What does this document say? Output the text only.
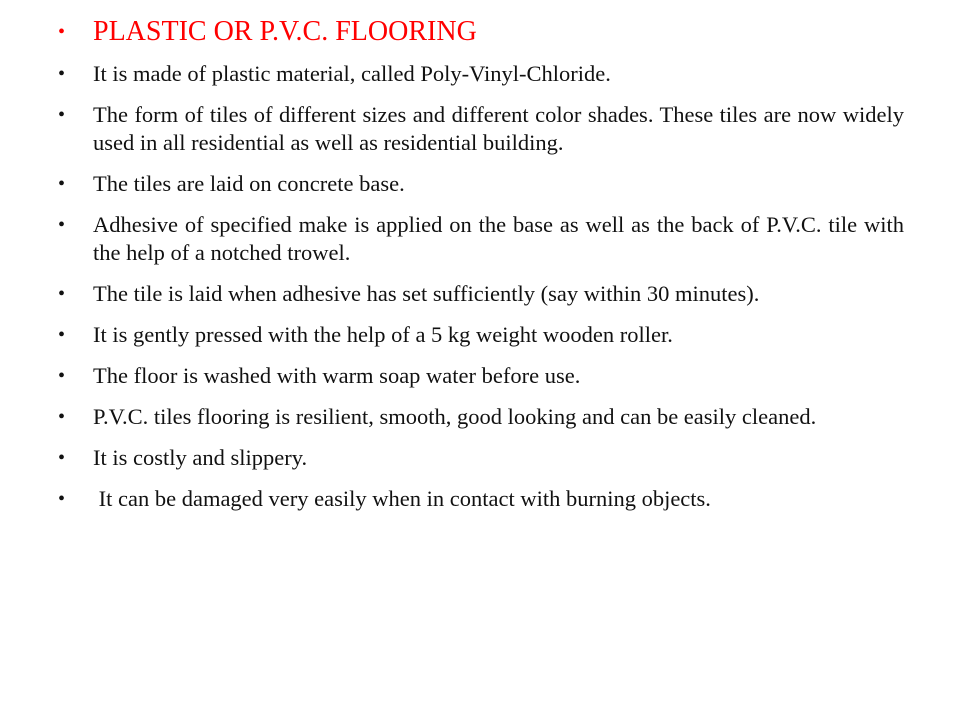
• PLASTIC OR P.V.C. FLOORING
• It is made of plastic material, called Poly-Vinyl-Chloride.
• The form of tiles of different sizes and different color shades. These tiles are now widely used in all residential as well as residential building.
• The tiles are laid on concrete base.
• Adhesive of specified make is applied on the base as well as the back of P.V.C. tile with the help of a notched trowel.
• The tile is laid when adhesive has set sufficiently (say within 30 minutes).
• It is gently pressed with the help of a 5 kg weight wooden roller.
• The floor is washed with warm soap water before use.
• P.V.C. tiles flooring is resilient, smooth, good looking and can be easily cleaned.
• It is costly and slippery.
• It can be damaged very easily when in contact with burning objects.
